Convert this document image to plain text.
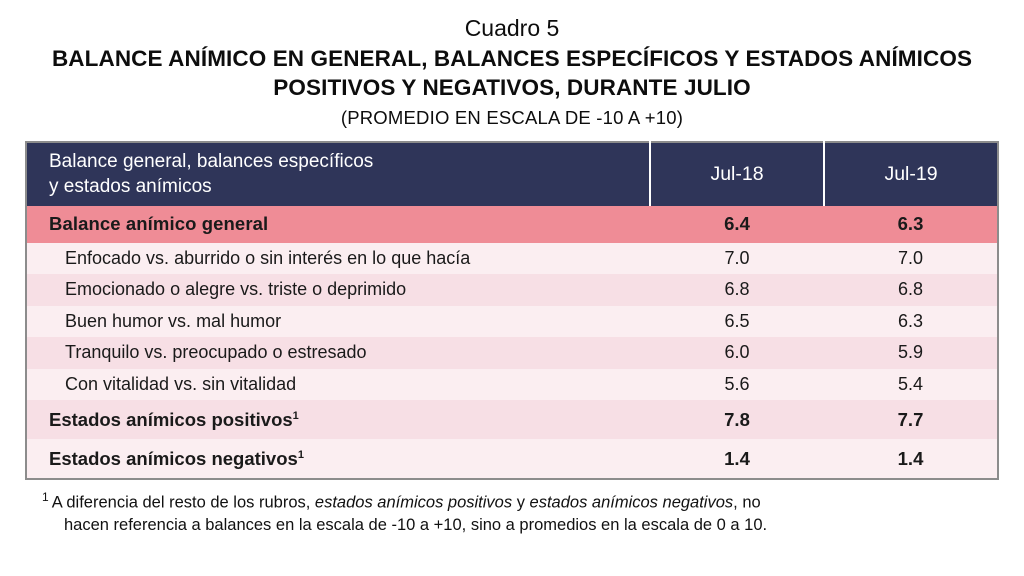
Cuadro 5
BALANCE ANÍMICO EN GENERAL, BALANCES ESPECÍFICOS Y ESTADOS ANÍMICOS POSITIVOS Y NEGATIVOS, DURANTE JULIO
(PROMEDIO EN ESCALA DE -10 A +10)
Balance general, balances específicos
y estados anímicos	Jul-18	Jul-19
Balance anímico general	6.4	6.3
Enfocado vs. aburrido o sin interés en lo que hacía	7.0	7.0
Emocionado o alegre vs. triste o deprimido	6.8	6.8
Buen humor vs. mal humor	6.5	6.3
Tranquilo vs. preocupado o estresado	6.0	5.9
Con vitalidad vs. sin vitalidad	5.6	5.4
Estados anímicos positivos$^1$	7.8	7.7
Estados anímicos negativos$^1$	1.4	1.4
$^1$ A diferencia del resto de los rubros, estados anímicos positivos y estados anímicos negativos, no
hacen referencia a balances en la escala de -10 a +10, sino a promedios en la escala de 0 a 10.
